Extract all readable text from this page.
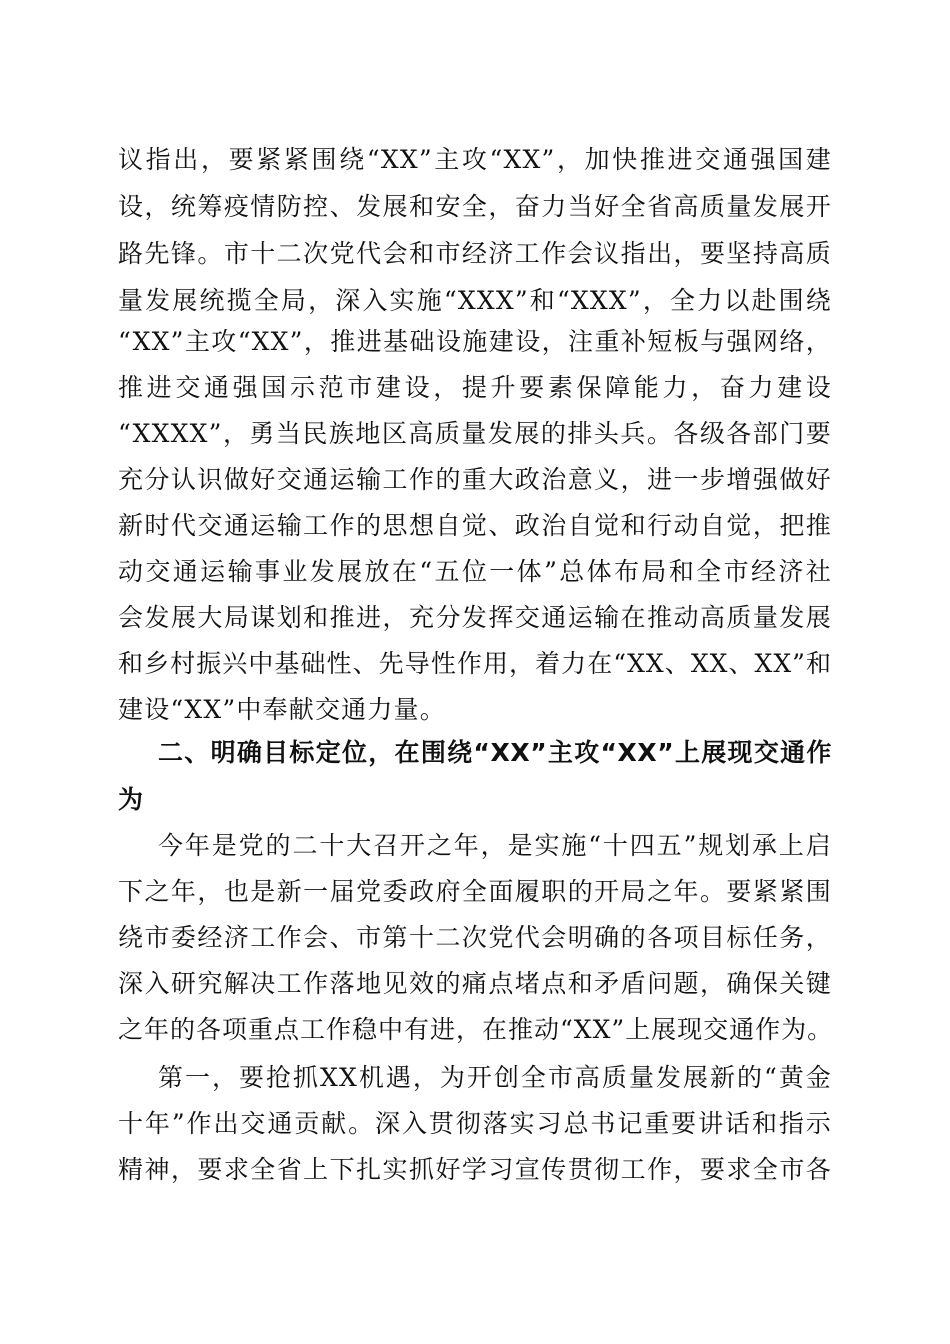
议指出，要紧紧围绕“XX”主攻“XX”，加快推进交通强国建
设，统筹疫情防控、发展和安全，奋力当好全省高质量发展开
路先锋。市十二次党代会和市经济工作会议指出，要坚持高质
量发展统揽全局，深入实施“XXX”和“XXX”，全力以赴围绕
“XX”主攻“XX”，推进基础设施建设，注重补短板与强网络，
推进交通强国示范市建设，提升要素保障能力，奋力建设
“XXXX”，勇当民族地区高质量发展的排头兵。各级各部门要
充分认识做好交通运输工作的重大政治意义，进一步增强做好
新时代交通运输工作的思想自觉、政治自觉和行动自觉，把推
动交通运输事业发展放在“五位一体”总体布局和全市经济社
会发展大局谋划和推进，充分发挥交通运输在推动高质量发展
和乡村振兴中基础性、先导性作用，着力在“XX、XX、XX”和
建设“XX”中奉献交通力量。
二、明确目标定位，在围绕“XX”主攻“XX”上展现交通作
为
今年是党的二十大召开之年，是实施“十四五”规划承上启
下之年，也是新一届党委政府全面履职的开局之年。要紧紧围
绕市委经济工作会、市第十二次党代会明确的各项目标任务，
深入研究解决工作落地见效的痛点堵点和矛盾问题，确保关键
之年的各项重点工作稳中有进，在推动“XX”上展现交通作为。
第一，要抢抓XX机遇，为开创全市高质量发展新的“黄金
十年”作出交通贡献。深入贯彻落实习总书记重要讲话和指示
精神，要求全省上下扎实抓好学习宣传贯彻工作，要求全市各
